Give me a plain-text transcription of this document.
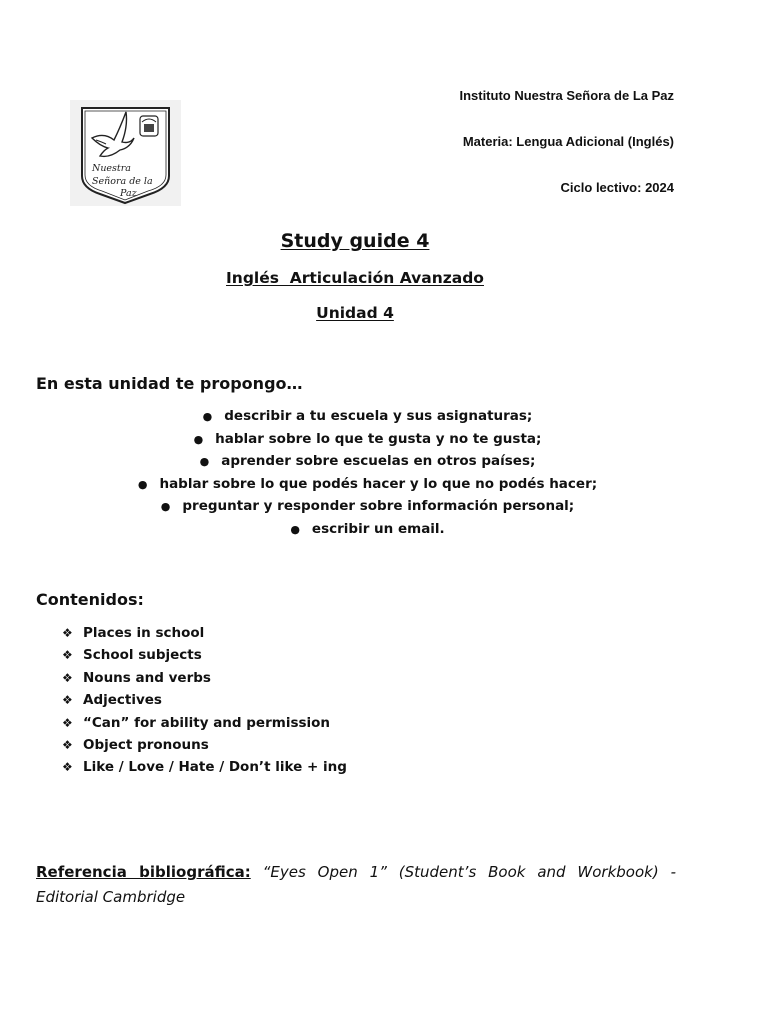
Nuestra
Señora de la
Paz
Instituto Nuestra Señora de La Paz
Materia: Lengua Adicional (Inglés)
Ciclo lectivo: 2024
Study guide 4
Inglés  Articulación Avanzado
Unidad 4
En esta unidad te propongo…
● describir a tu escuela y sus asignaturas;
● hablar sobre lo que te gusta y no te gusta;
● aprender sobre escuelas en otros países;
● hablar sobre lo que podés hacer y lo que no podés hacer;
● preguntar y responder sobre información personal;
● escribir un email.
Contenidos:
❖ Places in school
❖ School subjects
❖ Nouns and verbs
❖ Adjectives
❖ “Can” for ability and permission
❖ Object pronouns
❖ Like / Love / Hate / Don’t like + ing
Referencia bibliográfica: “Eyes Open 1” (Student’s Book and Workbook) - Editorial Cambridge
